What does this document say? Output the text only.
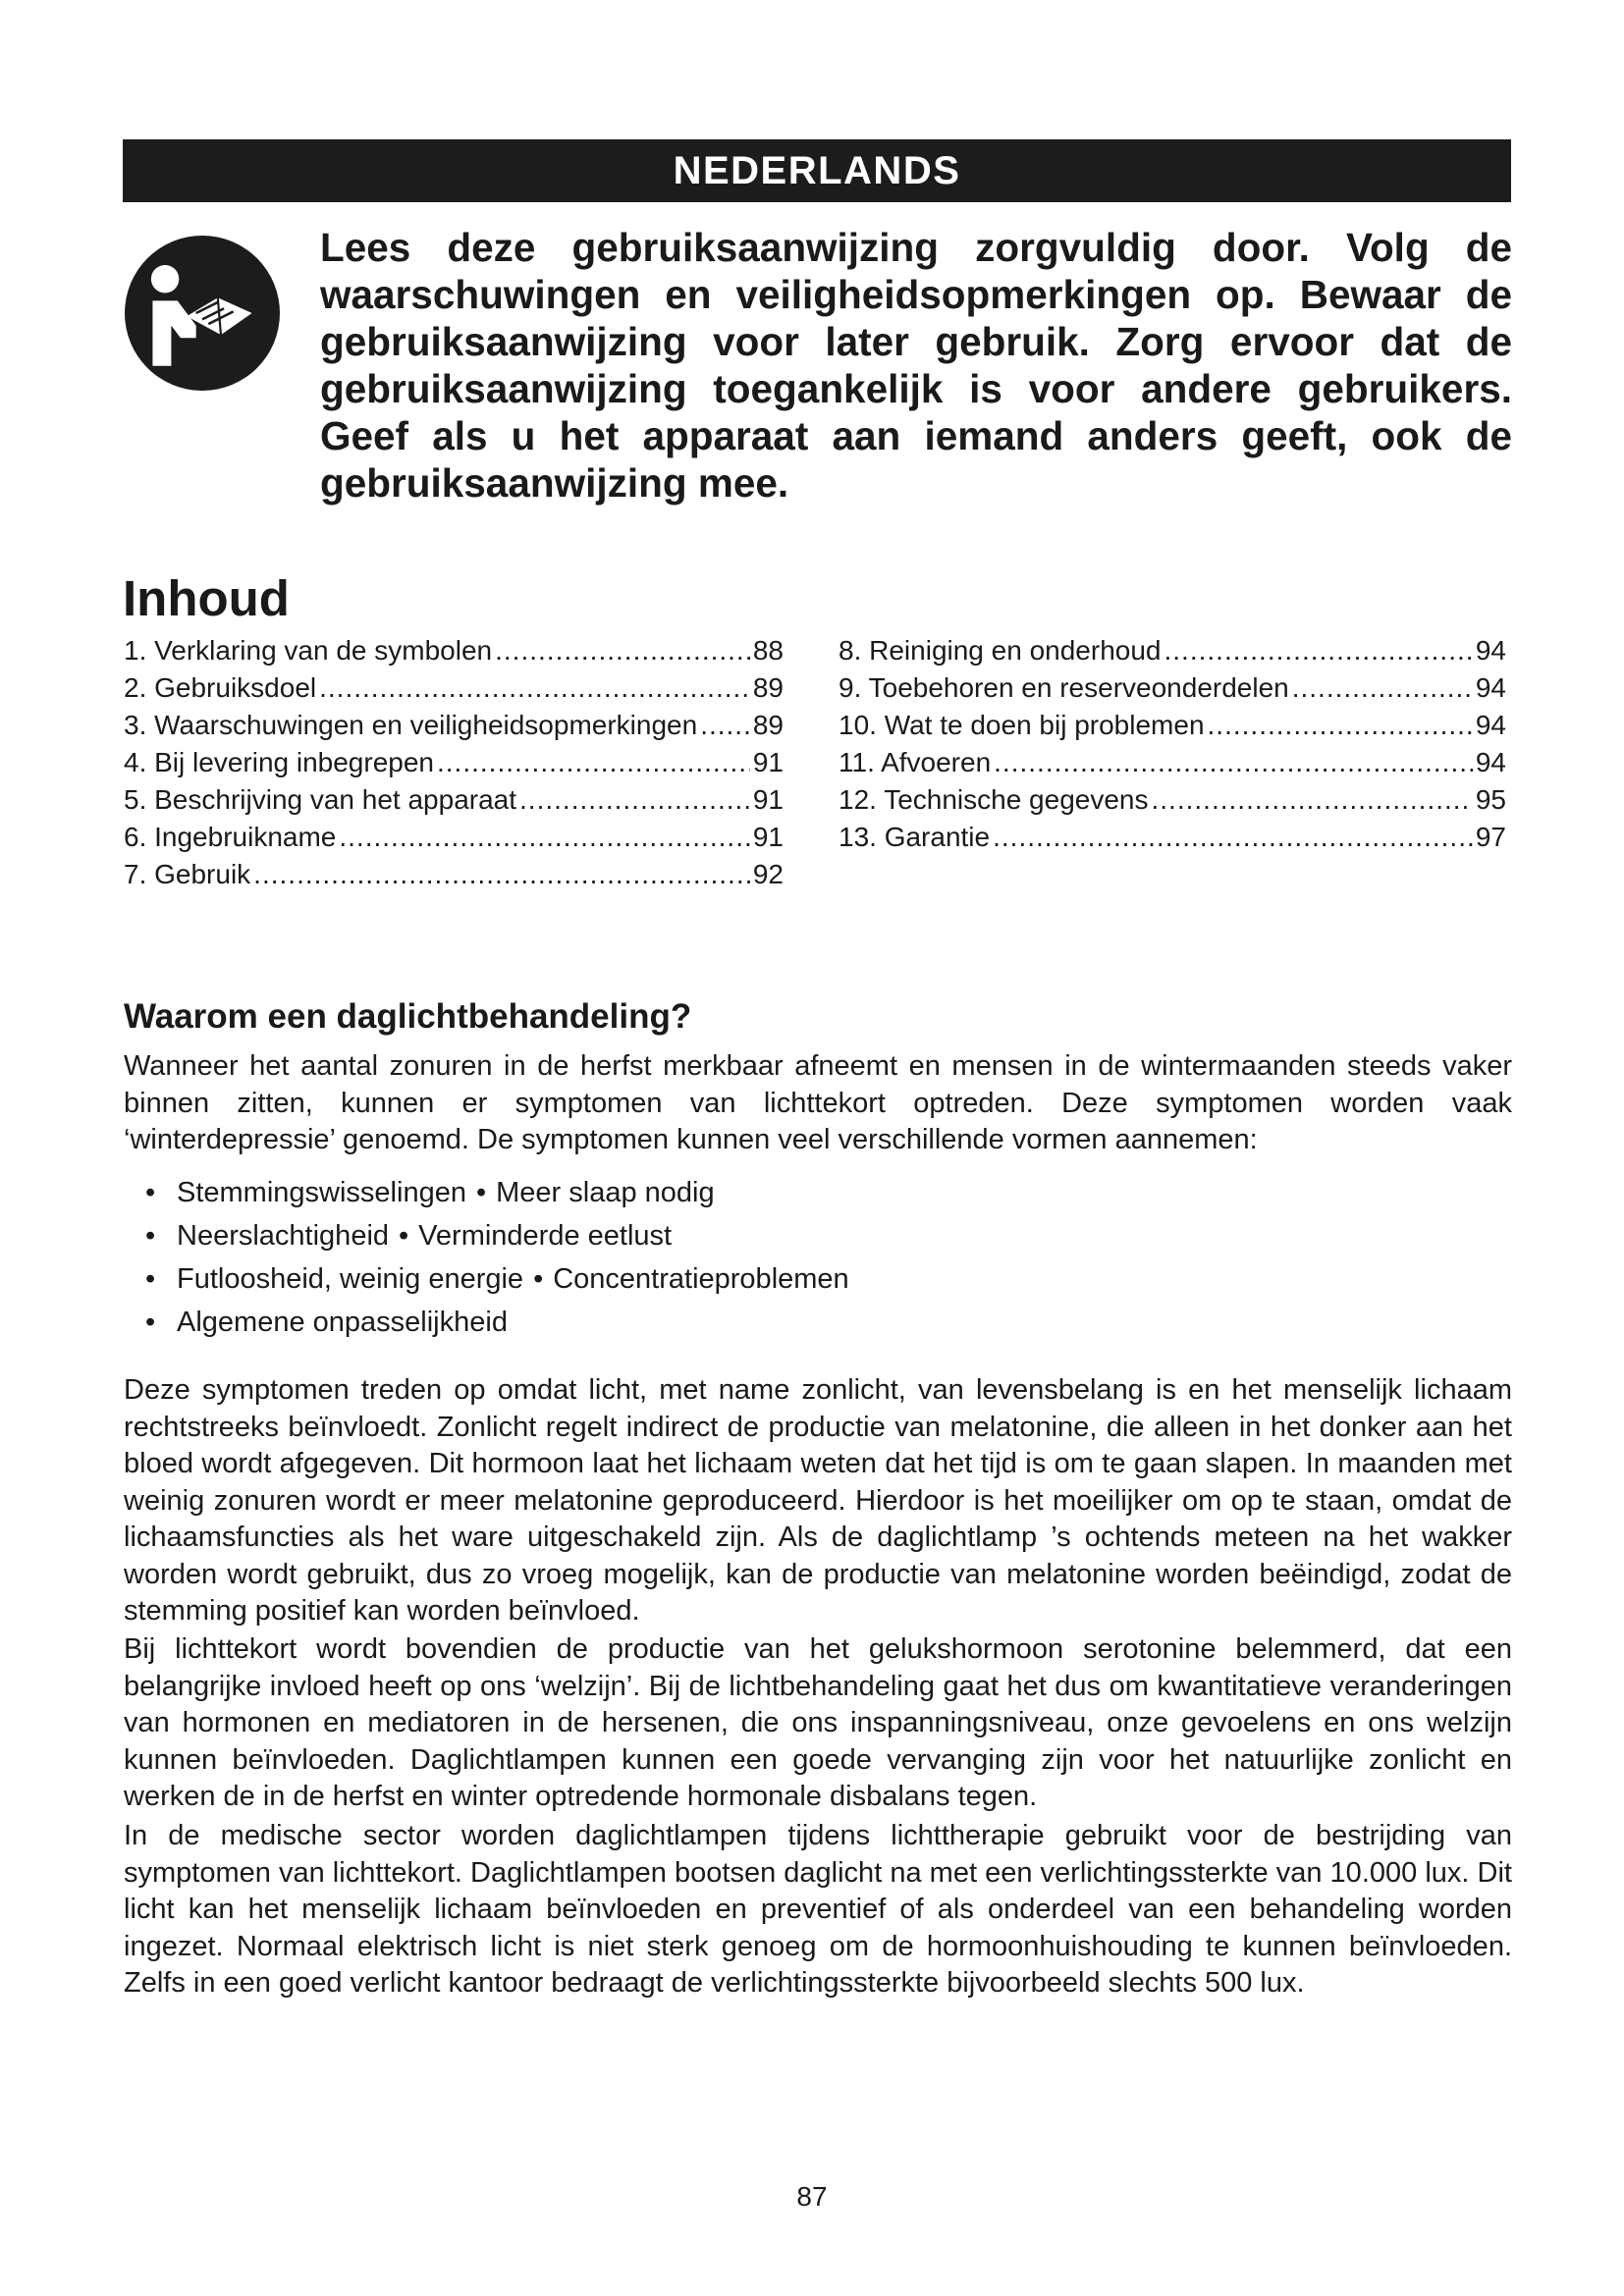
NEDERLANDS
Lees deze gebruiksaanwijzing zorgvuldig door. Volg de waarschuwingen en veiligheidsopmerkingen op. Bewaar de gebruiksaanwijzing voor later gebruik. Zorg ervoor dat de gebruiksaanwijzing toegankelijk is voor andere gebruikers. Geef als u het apparaat aan iemand anders geeft, ook de gebruiksaanwijzing mee.
Inhoud
1. Verklaring van de symbolen .....	88
2. Gebruiksdoel .....	89
3. Waarschuwingen en veiligheidsopmerkingen ..... 89
4. Bij levering inbegrepen .....	91
5. Beschrijving van het apparaat .....	91
6. Ingebruikname .....	91
7. Gebruik .....	92
8. Reiniging en onderhoud .....	94
9. Toebehoren en reserveonderdelen .....	94
10. Wat te doen bij problemen .....	94
11. Afvoeren .....	94
12. Technische gegevens .....	95
13. Garantie .....	97
Waarom een daglichtbehandeling?

Wanneer het aantal zonuren in de herfst merkbaar afneemt en mensen in de wintermaanden steeds vaker binnen zitten, kunnen er symptomen van lichttekort optreden. Deze symptomen worden vaak ‘winterdepressie’ genoemd. De symptomen kunnen veel verschillende vormen aannemen:

• Stemmingswisselingen • Meer slaap nodig
• Neerslachtigheid • Verminderde eetlust
• Futloosheid, weinig energie • Concentratieproblemen
• Algemene onpasselijkheid

Deze symptomen treden op omdat licht, met name zonlicht, van levensbelang is en het menselijk lichaam rechtstreeks beïnvloedt. Zonlicht regelt indirect de productie van melatonine, die alleen in het donker aan het bloed wordt afgegeven. Dit hormoon laat het lichaam weten dat het tijd is om te gaan slapen. In maanden met weinig zonuren wordt er meer melatonine geproduceerd. Hierdoor is het moeilijker om op te staan, omdat de lichaamsfuncties als het ware uitgeschakeld zijn. Als de daglichtlamp ’s ochtends meteen na het wakker worden wordt gebruikt, dus zo vroeg mogelijk, kan de productie van melatonine worden beëindigd, zodat de stemming positief kan worden beïnvloed.

Bij lichttekort wordt bovendien de productie van het gelukshormoon serotonine belemmerd, dat een belangrijke invloed heeft op ons ‘welzijn’. Bij de lichtbehandeling gaat het dus om kwantitatieve veranderingen van hormonen en mediatoren in de hersenen, die ons inspanningsniveau, onze gevoelens en ons welzijn kunnen beïnvloeden. Daglichtlampen kunnen een goede vervanging zijn voor het natuurlijke zonlicht en werken de in de herfst en winter optredende hormonale disbalans tegen.

In de medische sector worden daglichtlampen tijdens lichttherapie gebruikt voor de bestrijding van symptomen van lichttekort. Daglichtlampen bootsen daglicht na met een verlichtingssterkte van 10.000 lux. Dit licht kan het menselijk lichaam beïnvloeden en preventief of als onderdeel van een behandeling worden ingezet. Normaal elektrisch licht is niet sterk genoeg om de hormoonhuishouding te kunnen beïnvloeden. Zelfs in een goed verlicht kantoor bedraagt de verlichtingssterkte bijvoorbeeld slechts 500 lux.

87
